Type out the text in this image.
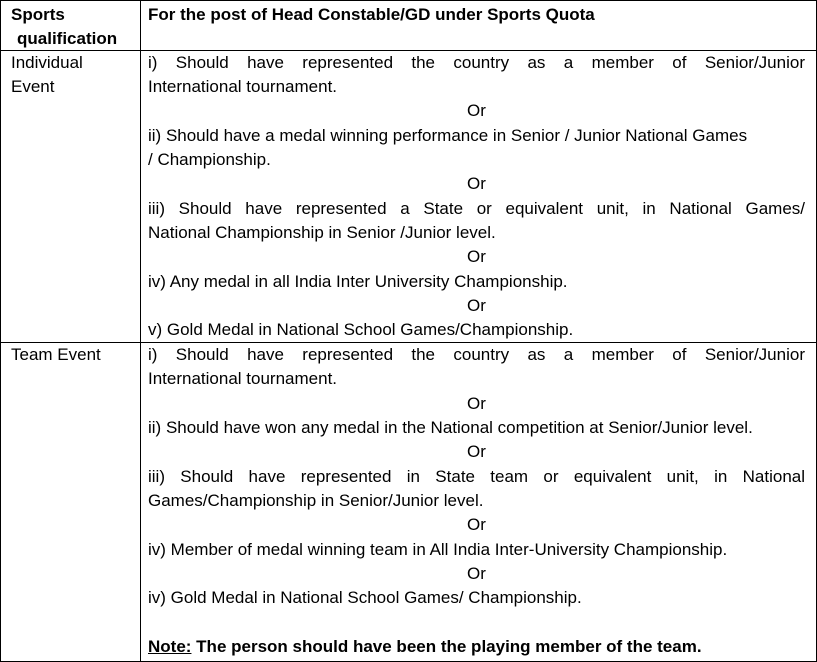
Sports
qualification
For the post of Head Constable/GD under Sports Quota
Individual
Event
i) Should have represented the country as a member of Senior/Junior
International tournament.
Or
ii) Should have a medal winning performance in Senior / Junior National Games
/ Championship.
Or
iii) Should have represented a State or equivalent unit, in National Games/
National Championship in Senior /Junior level.
Or
iv) Any medal in all India Inter University Championship.
Or
v) Gold Medal in National School Games/Championship.
Team Event	i) Should have represented the country as a member of Senior/Junior
International tournament.
Or
ii) Should have won any medal in the National competition at Senior/Junior level.
Or
iii) Should have represented in State team or equivalent unit, in National
Games/Championship in Senior/Junior level.
Or
iv) Member of medal winning team in All India Inter-University Championship.
Or
iv) Gold Medal in National School Games/ Championship.
Note: The person should have been the playing member of the team.
